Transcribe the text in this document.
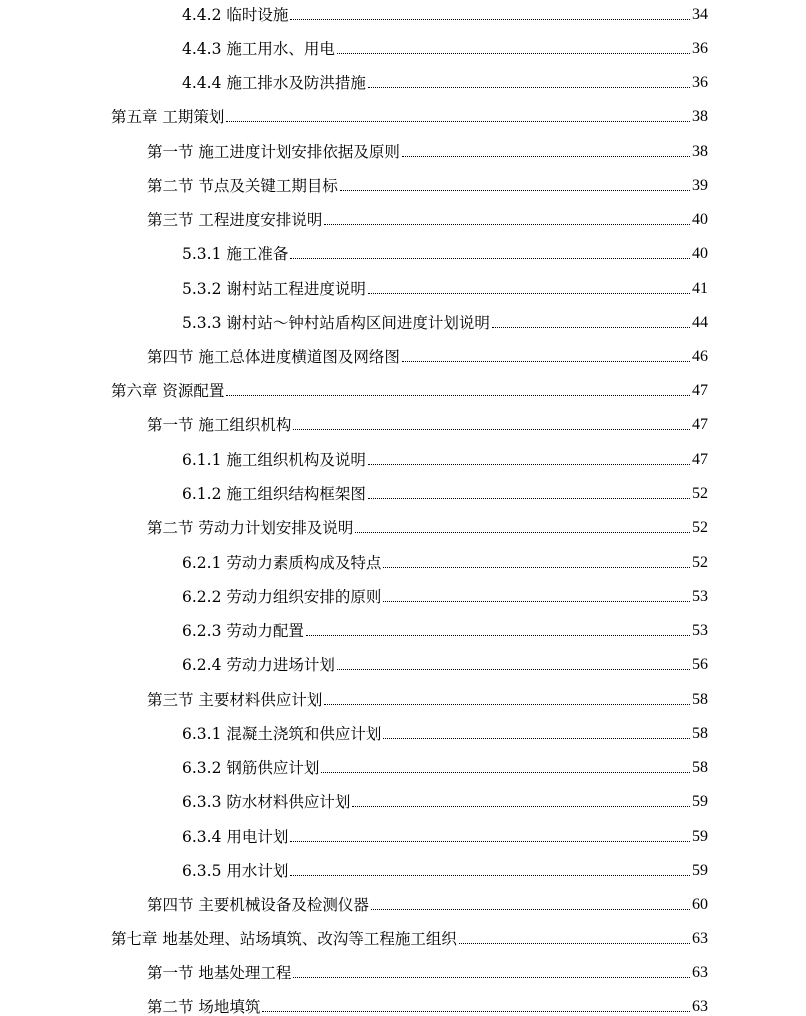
4.4.2 临时设施	34
4.4.3 施工用水、用电	36
4.4.4 施工排水及防洪措施	36
第五章 工期策划	38
第一节 施工进度计划安排依据及原则	38
第二节 节点及关键工期目标	39
第三节 工程进度安排说明	40
5.3.1 施工准备	40
5.3.2 谢村站工程进度说明	41
5.3.3 谢村站～钟村站盾构区间进度计划说明	44
第四节 施工总体进度横道图及网络图	46
第六章 资源配置	47
第一节 施工组织机构	47
6.1.1 施工组织机构及说明	47
6.1.2 施工组织结构框架图	52
第二节 劳动力计划安排及说明	52
6.2.1 劳动力素质构成及特点	52
6.2.2 劳动力组织安排的原则	53
6.2.3 劳动力配置	53
6.2.4 劳动力进场计划	56
第三节 主要材料供应计划	58
6.3.1 混凝土浇筑和供应计划	58
6.3.2 钢筋供应计划	58
6.3.3 防水材料供应计划	59
6.3.4 用电计划	59
6.3.5 用水计划	59
第四节 主要机械设备及检测仪器	60
第七章 地基处理、站场填筑、改沟等工程施工组织	63
第一节 地基处理工程	63
第二节 场地填筑	63
